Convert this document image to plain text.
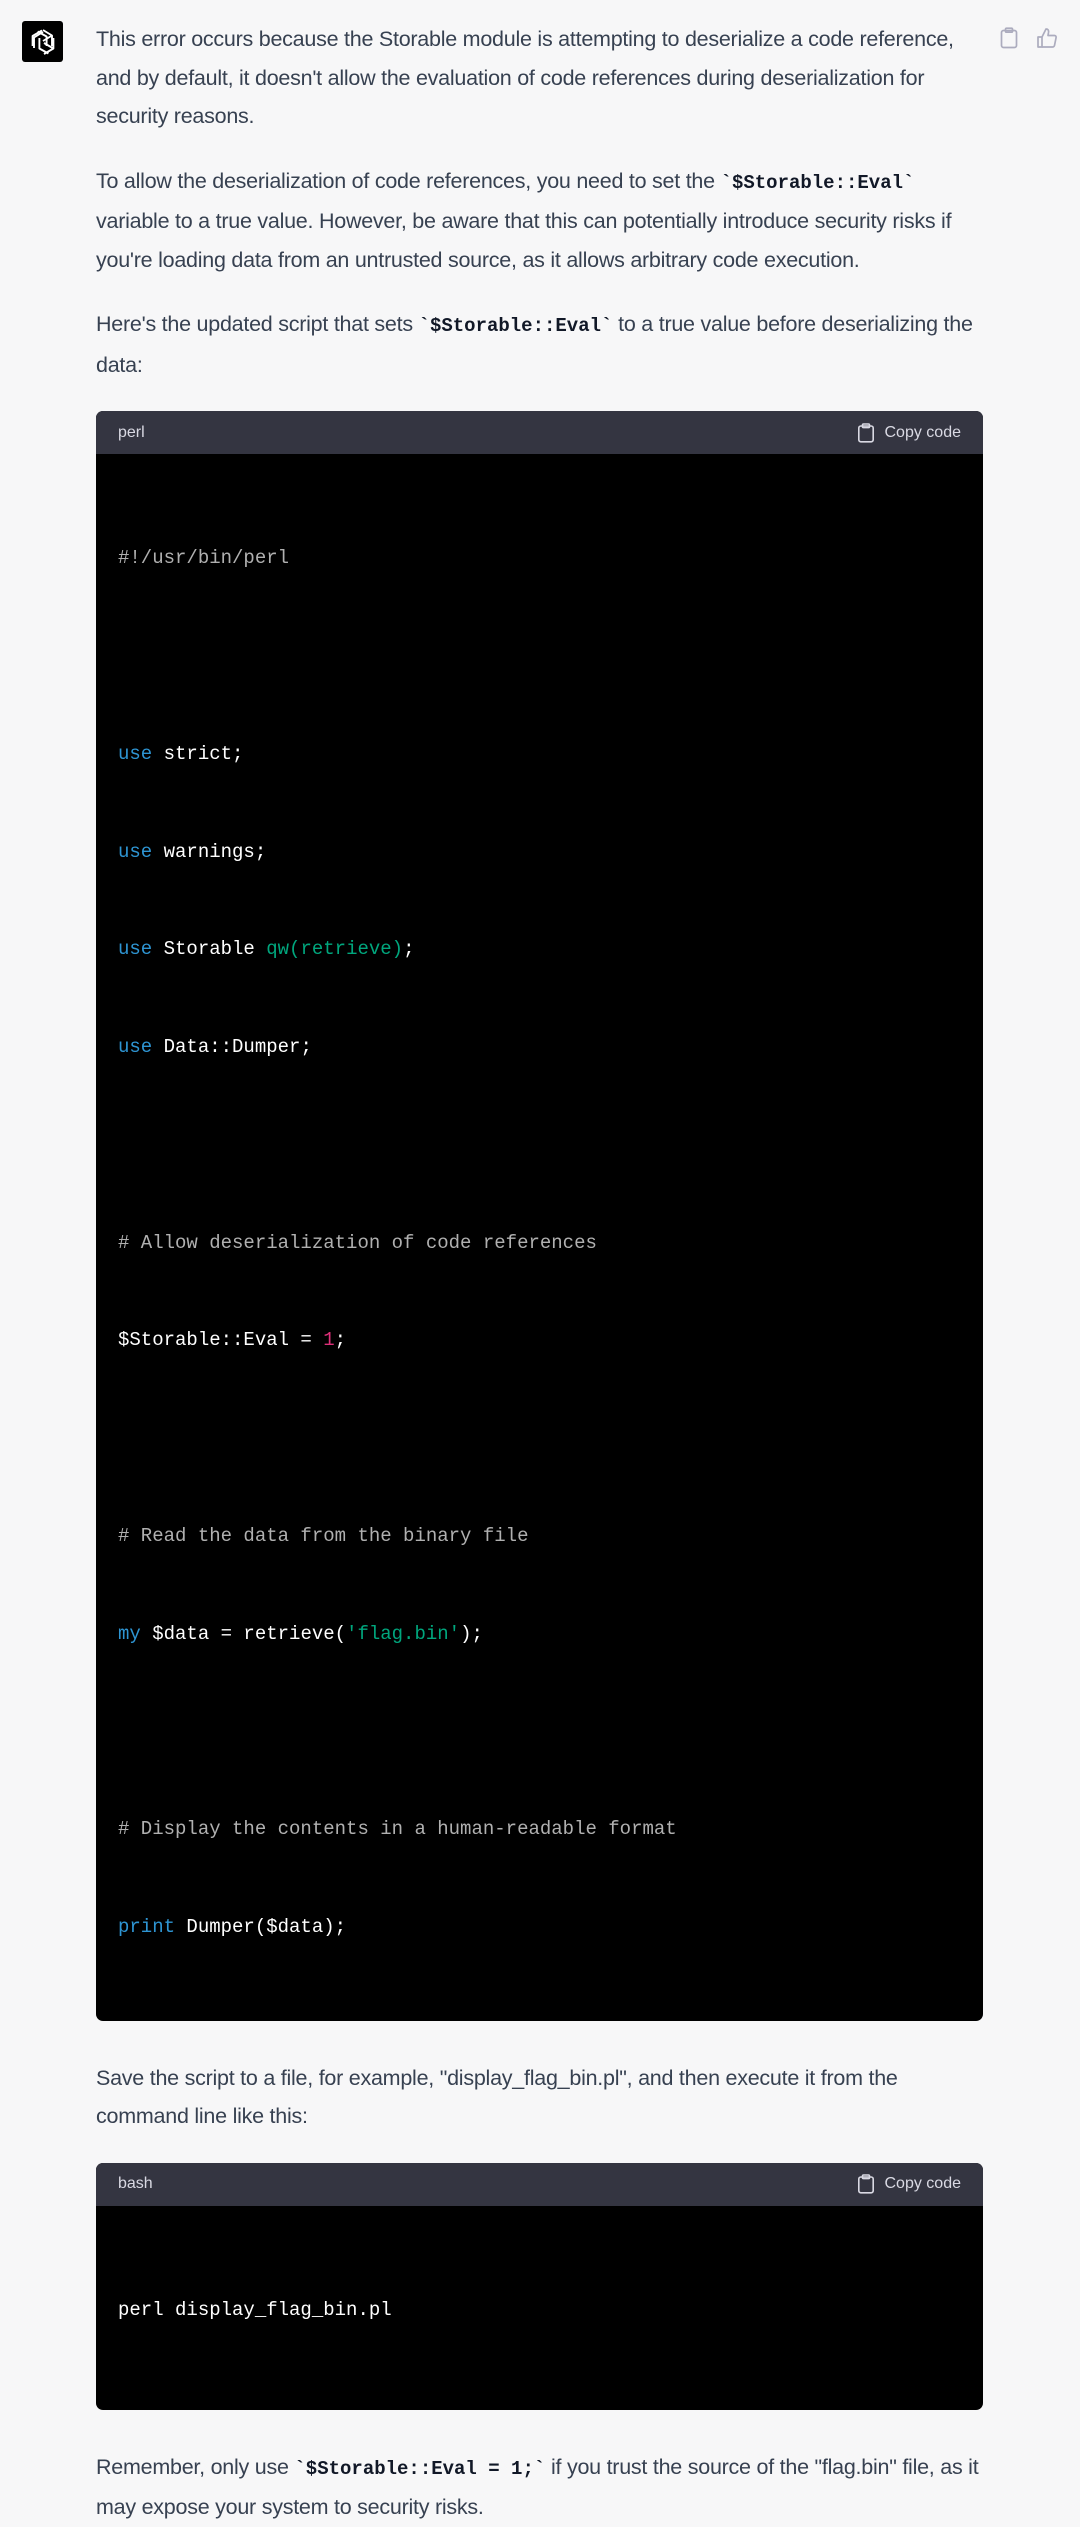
This error occurs because the Storable module is attempting to deserialize a code reference, and by default, it doesn't allow the evaluation of code references during deserialization for security reasons.

To allow the deserialization of code references, you need to set the `$Storable::Eval` variable to a true value. However, be aware that this can potentially introduce security risks if you're loading data from an untrusted source, as it allows arbitrary code execution.

Here's the updated script that sets `$Storable::Eval` to a true value before deserializing the data:

perl	Copy code

#!/usr/bin/perl

use strict;

use warnings;

use Storable qw(retrieve);

use Data::Dumper;

# Allow deserialization of code references

$Storable::Eval = 1;

# Read the data from the binary file

my $data = retrieve('flag.bin');

# Display the contents in a human-readable format

print Dumper($data);

Save the script to a file, for example, "display_flag_bin.pl", and then execute it from the command line like this:

bash	Copy code

perl display_flag_bin.pl

Remember, only use `$Storable::Eval = 1;` if you trust the source of the "flag.bin" file, as it may expose your system to security risks.
